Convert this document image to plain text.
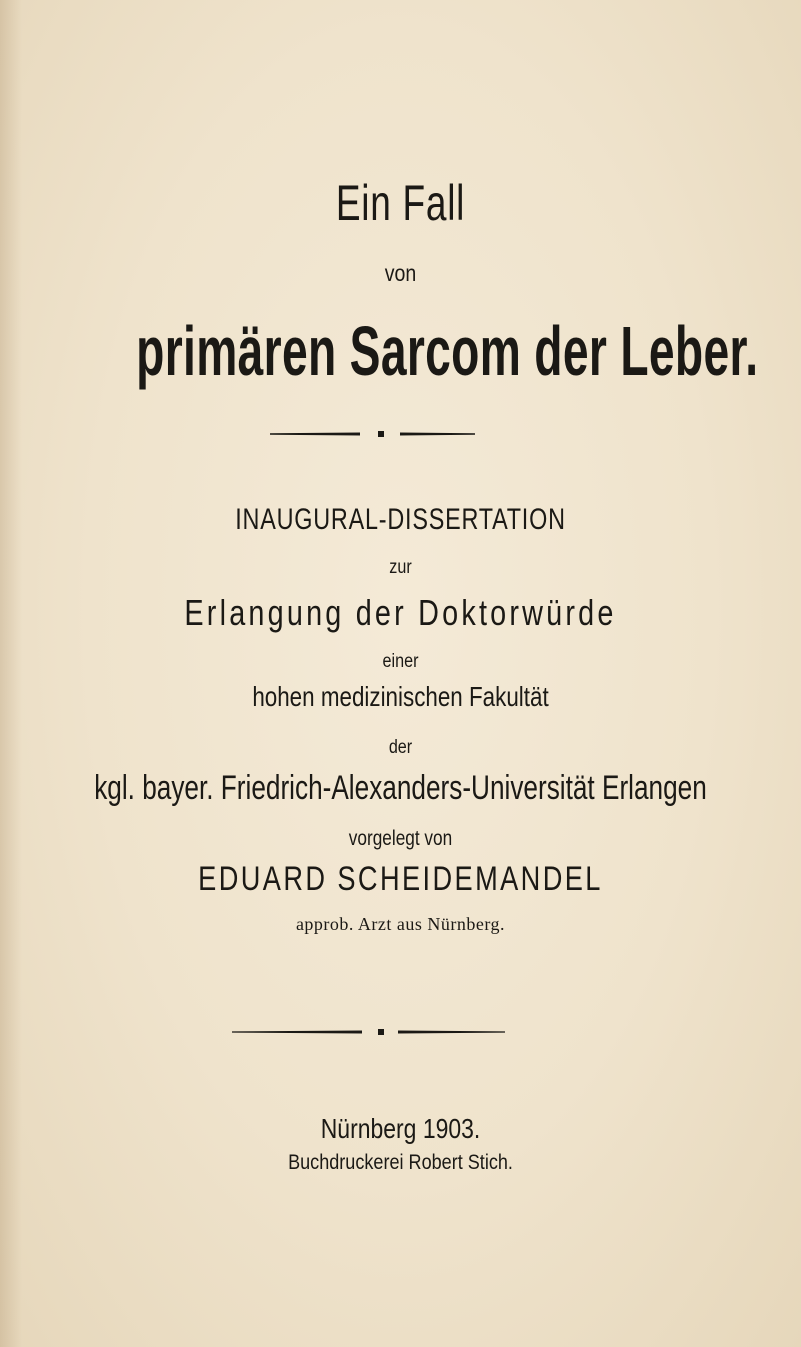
Ein Fall
von
primären Sarcom der Leber.
INAUGURAL-DISSERTATION
zur
Erlangung der Doktorwürde
einer
hohen medizinischen Fakultät
der
kgl. bayer. Friedrich-Alexanders-Universität Erlangen
vorgelegt von
EDUARD SCHEIDEMANDEL
approb. Arzt aus Nürnberg.
Nürnberg 1903.
Buchdruckerei Robert Stich.
